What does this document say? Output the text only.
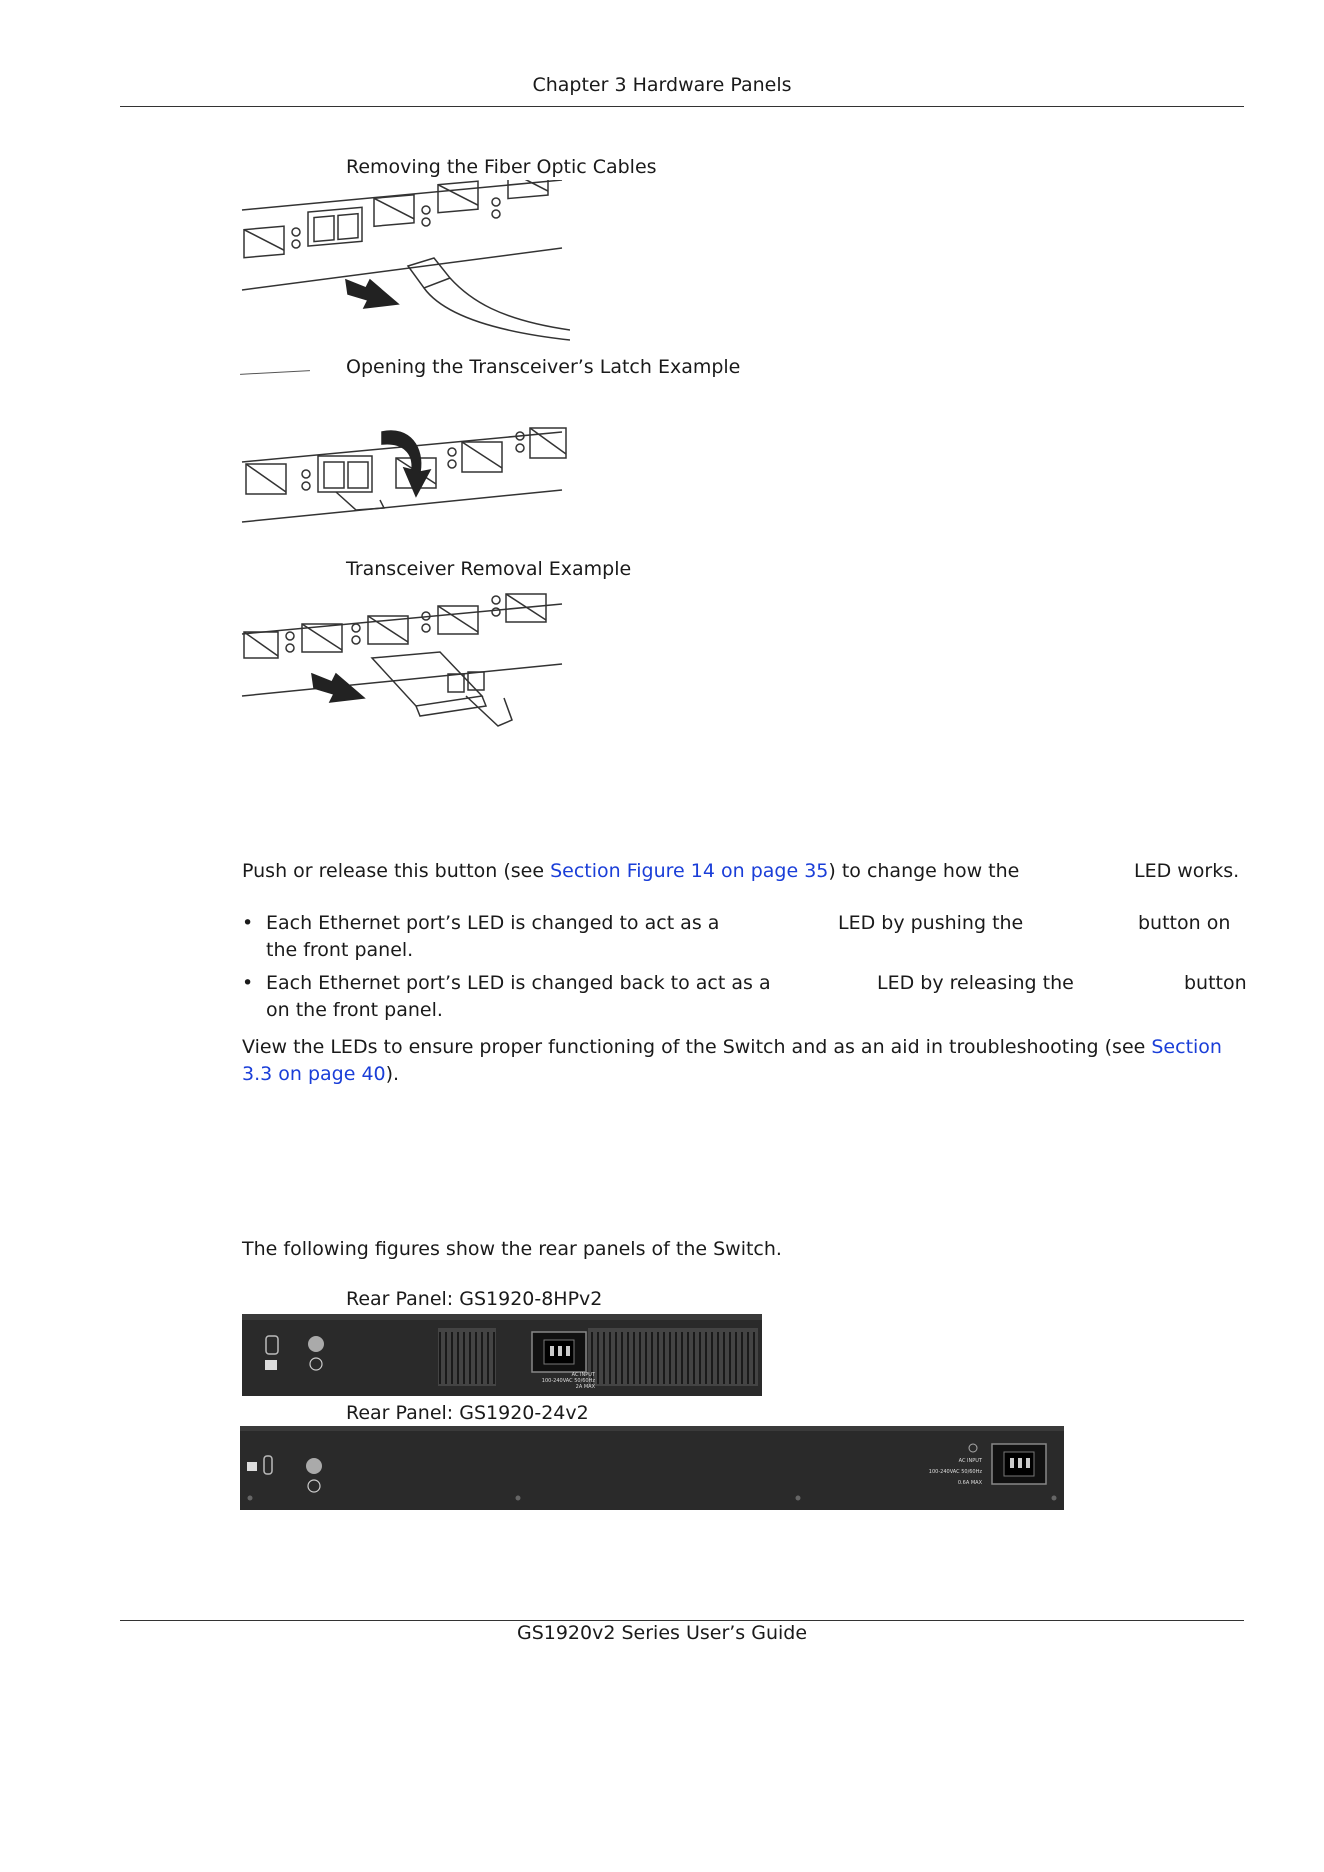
Chapter 3 Hardware Panels
Removing the Fiber Optic Cables
Opening the Transceiver’s Latch Example
Transceiver Removal Example
Push or release this button (see Section Figure 14 on page 35) to change how the	LED works.
• Each Ethernet port’s LED is changed to act as a	LED by pushing the	button on
the front panel.
• Each Ethernet port’s LED is changed back to act as a	LED by releasing the	button
on the front panel.
View the LEDs to ensure proper functioning of the Switch and as an aid in troubleshooting (see Section
3.3 on page 40).
The following figures show the rear panels of the Switch.
Rear Panel: GS1920-8HPv2
AC INPUT
100-240VAC 50/60Hz
2A MAX
Rear Panel: GS1920-24v2
AC INPUT
100-240VAC 50/60Hz
0.6A MAX
GS1920v2 Series User’s Guide
